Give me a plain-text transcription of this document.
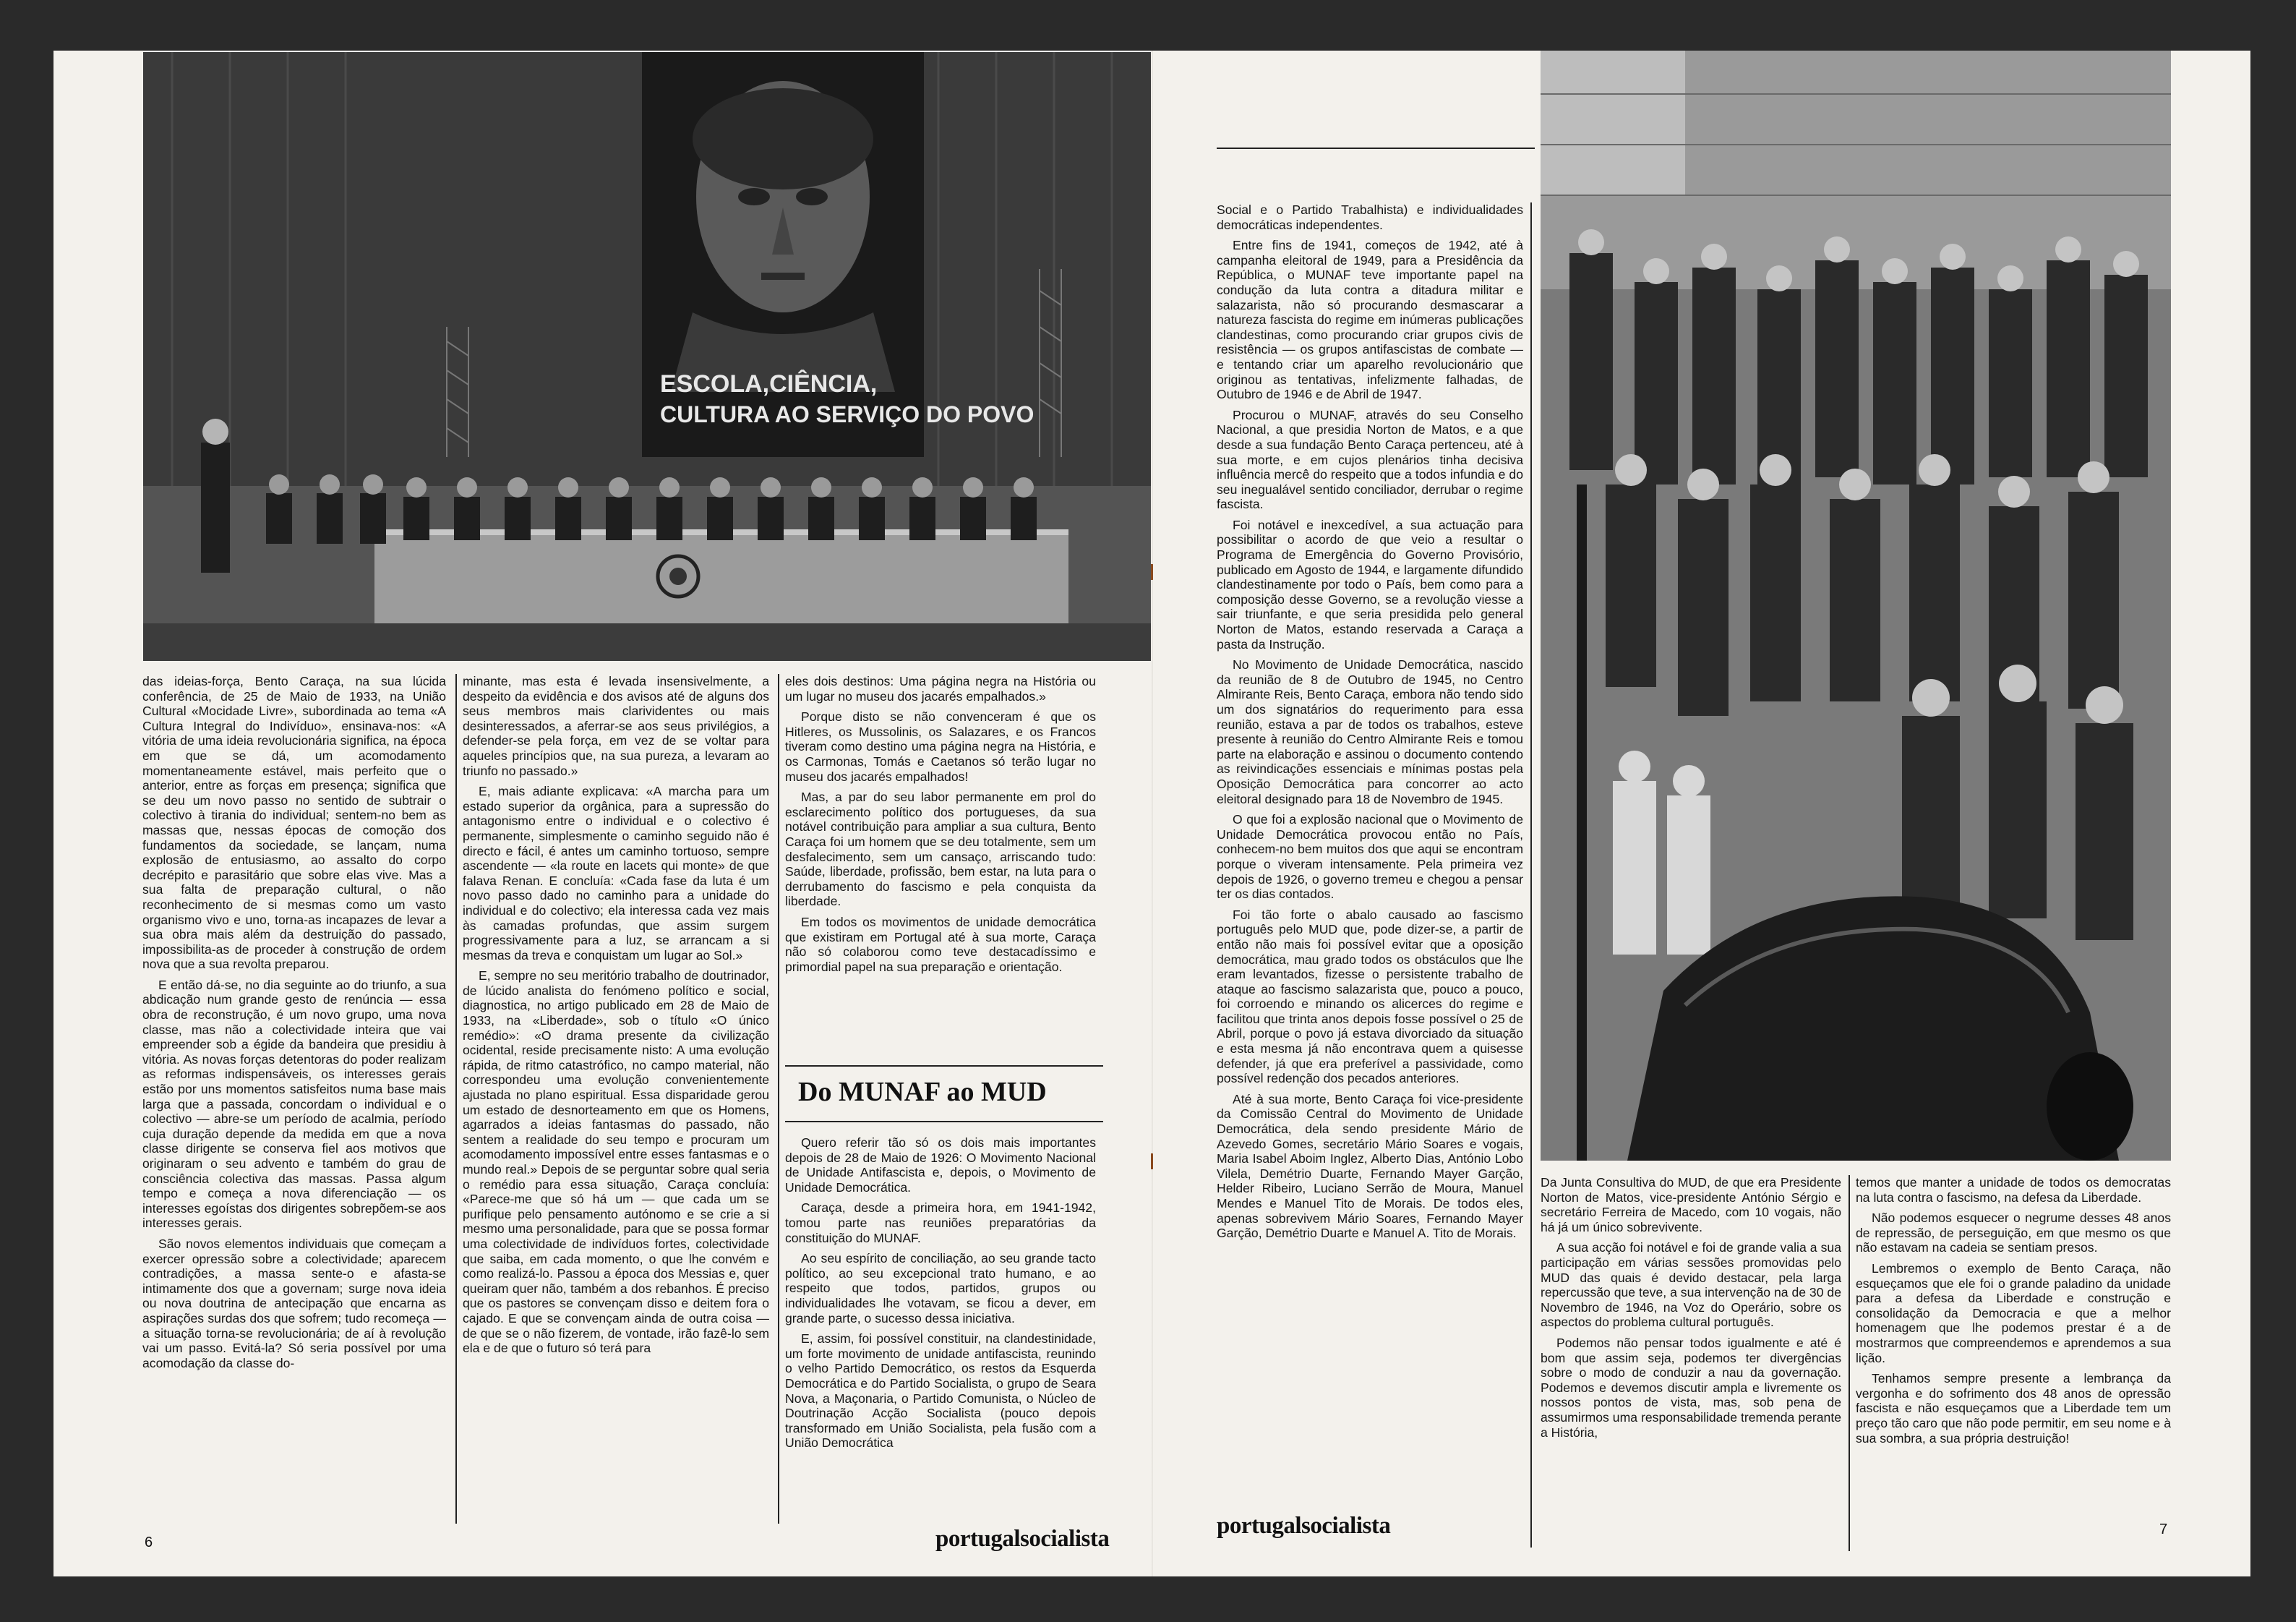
ESCOLA,CIÊNCIA,
CULTURA AO SERVIÇO DO POVO

das ideias-força, Bento Caraça, na sua lúcida conferência, de 25 de Maio de 1933, na União Cultural «Mocidade Livre», subordinada ao tema «A Cultura Integral do Indivíduo», ensinava-nos: «A vitória de uma ideia revolucionária significa, na época em que se dá, um acomodamento momentaneamente estável, mais perfeito que o anterior, entre as forças em presença; significa que se deu um novo passo no sentido de subtrair o colectivo à tirania do individual; sentem-no bem as massas que, nessas épocas de comoção dos fundamentos da sociedade, se lançam, numa explosão de entusiasmo, ao assalto do corpo decrépito e parasitário que sobre elas vive. Mas a sua falta de preparação cultural, o não reconhecimento de si mesmas como um vasto organismo vivo e uno, torna-as incapazes de levar a sua obra mais além da destruição do passado, impossibilita-as de proceder à construção de ordem nova que a sua revolta preparou.

E então dá-se, no dia seguinte ao do triunfo, a sua abdicação num grande gesto de renúncia — essa obra de reconstrução, é um novo grupo, uma nova classe, mas não a colectividade inteira que vai empreender sob a égide da bandeira que presidiu à vitória. As novas forças detentoras do poder realizam as reformas indispensáveis, os interesses gerais estão por uns momentos satisfeitos numa base mais larga que a passada, concordam o individual e o colectivo — abre-se um período de acalmia, período cuja duração depende da medida em que a nova classe dirigente se conserva fiel aos motivos que originaram o seu advento e também do grau de consciência colectiva das massas. Passa algum tempo e começa a nova diferenciação — os interesses egoístas dos dirigentes sobrepõem-se aos interesses gerais.

São novos elementos individuais que começam a exercer opressão sobre a colectividade; aparecem contradições, a massa sente-o e afasta-se intimamente dos que a governam; surge nova ideia ou nova doutrina de antecipação que encarna as aspirações surdas dos que sofrem; tudo recomeça — a situação torna-se revolucionária; de aí à revolução vai um passo. Evitá-la? Só seria possível por uma acomodação da classe do-

minante, mas esta é levada insensivelmente, a despeito da evidência e dos avisos até de alguns dos seus membros mais clarividentes ou mais desinteressados, a aferrar-se aos seus privilégios, a defender-se pela força, em vez de se voltar para aqueles princípios que, na sua pureza, a levaram ao triunfo no passado.»

E, mais adiante explicava: «A marcha para um estado superior da orgânica, para a supressão do antagonismo entre o individual e o colectivo é permanente, simplesmente o caminho seguido não é directo e fácil, é antes um caminho tortuoso, sempre ascendente — «la route en lacets qui monte» de que falava Renan. E concluía: «Cada fase da luta é um novo passo dado no caminho para a unidade do individual e do colectivo; ela interessa cada vez mais às camadas profundas, que assim surgem progressivamente para a luz, se arrancam a si mesmas da treva e conquistam um lugar ao Sol.»

E, sempre no seu meritório trabalho de doutrinador, de lúcido analista do fenómeno político e social, diagnostica, no artigo publicado em 28 de Maio de 1933, na «Liberdade», sob o título «O único remédio»: «O drama presente da civilização ocidental, reside precisamente nisto: A uma evolução rápida, de ritmo catastrófico, no campo material, não correspondeu uma evolução convenientemente ajustada no plano espiritual. Essa disparidade gerou um estado de desnorteamento em que os Homens, agarrados a ideias fantasmas do passado, não sentem a realidade do seu tempo e procuram um acomodamento impossível entre esses fantasmas e o mundo real.» Depois de se perguntar sobre qual seria o remédio para essa situação, Caraça concluía: «Parece-me que só há um — que cada um se purifique pelo pensamento autónomo e se crie a si mesmo uma personalidade, para que se possa formar uma colectividade de indivíduos fortes, colectividade que saiba, em cada momento, o que lhe convém e como realizá-lo. Passou a época dos Messias e, quer queiram quer não, também a dos rebanhos. É preciso que os pastores se convençam disso e deitem fora o cajado. E que se convençam ainda de outra coisa — de que se o não fizerem, de vontade, irão fazê-lo sem ela e de que o futuro só terá para

eles dois destinos: Uma página negra na História ou um lugar no museu dos jacarés empalhados.»

Porque disto se não convenceram é que os Hitleres, os Mussolinis, os Salazares, e os Francos tiveram como destino uma página negra na História, e os Carmonas, Tomás e Caetanos só terão lugar no museu dos jacarés empalhados!

Mas, a par do seu labor permanente em prol do esclarecimento político dos portugueses, da sua notável contribuição para ampliar a sua cultura, Bento Caraça foi um homem que se deu totalmente, sem um desfalecimento, sem um cansaço, arriscando tudo: Saúde, liberdade, profissão, bem estar, na luta para o derrubamento do fascismo e pela conquista da liberdade.

Em todos os movimentos de unidade democrática que existiram em Portugal até à sua morte, Caraça não só colaborou como teve destacadíssimo e primordial papel na sua preparação e orientação.

Do MUNAF ao MUD

Quero referir tão só os dois mais importantes depois de 28 de Maio de 1926: O Movimento Nacional de Unidade Antifascista e, depois, o Movimento de Unidade Democrática.

Caraça, desde a primeira hora, em 1941-1942, tomou parte nas reuniões preparatórias da constituição do MUNAF.

Ao seu espírito de conciliação, ao seu grande tacto político, ao seu excepcional trato humano, e ao respeito que todos, partidos, grupos ou individualidades lhe votavam, se ficou a dever, em grande parte, o sucesso dessa iniciativa.

E, assim, foi possível constituir, na clandestinidade, um forte movimento de unidade antifascista, reunindo o velho Partido Democrático, os restos da Esquerda Democrática e do Partido Socialista, o grupo de Seara Nova, a Maçonaria, o Partido Comunista, o Núcleo de Doutrinação Acção Socialista (pouco depois transformado em União Socialista, pela fusão com a União Democrática

6	portugalsocialista

Social e o Partido Trabalhista) e individualidades democráticas independentes.

Entre fins de 1941, começos de 1942, até à campanha eleitoral de 1949, para a Presidência da República, o MUNAF teve importante papel na condução da luta contra a ditadura militar e salazarista, não só procurando desmascarar a natureza fascista do regime em inúmeras publicações clandestinas, como procurando criar grupos civis de resistência — os grupos antifascistas de combate — e tentando criar um aparelho revolucionário que originou as tentativas, infelizmente falhadas, de Outubro de 1946 e de Abril de 1947.

Procurou o MUNAF, através do seu Conselho Nacional, a que presidia Norton de Matos, e a que desde a sua fundação Bento Caraça pertenceu, até à sua morte, e em cujos plenários tinha decisiva influência mercê do respeito que a todos infundia e do seu inegualável sentido conciliador, derrubar o regime fascista.

Foi notável e inexcedível, a sua actuação para possibilitar o acordo de que veio a resultar o Programa de Emergência do Governo Provisório, publicado em Agosto de 1944, e largamente difundido clandestinamente por todo o País, bem como para a composição desse Governo, se a revolução viesse a sair triunfante, e que seria presidida pelo general Norton de Matos, estando reservada a Caraça a pasta da Instrução.

No Movimento de Unidade Democrática, nascido da reunião de 8 de Outubro de 1945, no Centro Almirante Reis, Bento Caraça, embora não tendo sido um dos signatários do requerimento para essa reunião, estava a par de todos os trabalhos, esteve presente à reunião do Centro Almirante Reis e tomou parte na elaboração e assinou o documento contendo as reivindicações essenciais e mínimas postas pela Oposição Democrática para concorrer ao acto eleitoral designado para 18 de Novembro de 1945.

O que foi a explosão nacional que o Movimento de Unidade Democrática provocou então no País, conhecem-no bem muitos dos que aqui se encontram porque o viveram intensamente. Pela primeira vez depois de 1926, o governo tremeu e chegou a pensar ter os dias contados.

Foi tão forte o abalo causado ao fascismo português pelo MUD que, pode dizer-se, a partir de então não mais foi possível evitar que a oposição democrática, mau grado todos os obstáculos que lhe eram levantados, fizesse o persistente trabalho de ataque ao fascismo salazarista que, pouco a pouco, foi corroendo e minando os alicerces do regime e facilitou que trinta anos depois fosse possível o 25 de Abril, porque o povo já estava divorciado da situação e esta mesma já não encontrava quem a quisesse defender, já que era preferível a passividade, como possível redenção dos pecados anteriores.

Até à sua morte, Bento Caraça foi vice-presidente da Comissão Central do Movimento de Unidade Democrática, dela sendo presidente Mário de Azevedo Gomes, secretário Mário Soares e vogais, Maria Isabel Aboim Inglez, Alberto Dias, António Lobo Vilela, Demétrio Duarte, Fernando Mayer Garção, Helder Ribeiro, Luciano Serrão de Moura, Manuel Mendes e Manuel Tito de Morais. De todos eles, apenas sobrevivem Mário Soares, Fernando Mayer Garção, Demétrio Duarte e Manuel A. Tito de Morais.

Da Junta Consultiva do MUD, de que era Presidente Norton de Matos, vice-presidente António Sérgio e secretário Ferreira de Macedo, com 10 vogais, não há já um único sobrevivente.

A sua acção foi notável e foi de grande valia a sua participação em várias sessões promovidas pelo MUD das quais é devido destacar, pela larga repercussão que teve, a sua intervenção na de 30 de Novembro de 1946, na Voz do Operário, sobre os aspectos do problema cultural português.

Podemos não pensar todos igualmente e até é bom que assim seja, podemos ter divergências sobre o modo de conduzir a nau da governação. Podemos e devemos discutir ampla e livremente os nossos pontos de vista, mas, sob pena de assumirmos uma responsabilidade tremenda perante a História,

temos que manter a unidade de todos os democratas na luta contra o fascismo, na defesa da Liberdade.

Não podemos esquecer o negrume desses 48 anos de repressão, de perseguição, em que mesmo os que não estavam na cadeia se sentiam presos.

Lembremos o exemplo de Bento Caraça, não esqueçamos que ele foi o grande paladino da unidade para a defesa da Liberdade e construção e consolidação da Democracia e que a melhor homenagem que lhe podemos prestar é a de mostrarmos que compreendemos e aprendemos a sua lição.

Tenhamos sempre presente a lembrança da vergonha e do sofrimento dos 48 anos de opressão fascista e não esqueçamos que a Liberdade tem um preço tão caro que não pode permitir, em seu nome e à sua sombra, a sua própria destruição!

portugalsocialista	7
